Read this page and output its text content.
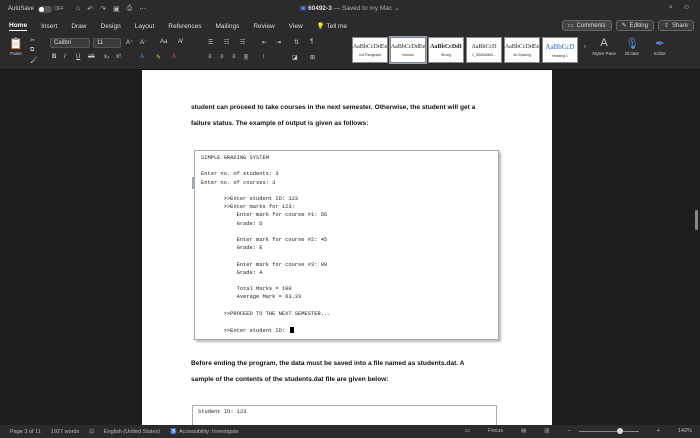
AutoSave	OFF ⌂ ↶ ↷ ▣ ⎙ ⋯	▣ 60492-3 — Saved to my Mac ⌄	⌕ ☺
Home Insert Draw Design Layout References Mailings Review View 💡 Tell me	▭ Comments	✎ Editing	⇪ Share
📋
Paste
✂
⧉
🖌
Calibri	11	A⁺ A⁻ Aa A̸
B I U ab x₂ x²	A ✎ A
☰ ☷ ☵	⇤ ⇥ ⇅ ¶
≡ ≡ ≡ ≡ ↕	◪ ⊞
AaBbCcDdEe
List Paragraph
AaBbCcDdEe
Normal
AaBbCcDdI
Strong
AaBbCcD
1_SIMMA560...
AaBbCcDdEe
No Spacing
AaBbCcD
Heading 1
› A
Styles Pane
🎙
Dictate
✒
Editor
student can proceed to take courses in the next semester. Otherwise, the student will get a
failure status. The example of output is given as follows:
SIMPLE GRADING SYSTEM
Enter no. of students: 3
Enter no. of courses: 3
>>Enter student ID: 123
>>Enter marks for 123:
Enter mark for course #1: 56
Grade: D
Enter mark for course #2: 45
Grade: E
Enter mark for course #3: 89
Grade: A
Total Marks = 190
Average Mark = 63.33
>>PROCEED TO THE NEXT SEMESTER...
>>Enter student ID:
Before ending the program, the data must be saved into a file named as students.dat. A
sample of the contents of the students.dat file are given below:
Student ID: 123
Page 3 of 11 1927 words ⊡ English (United States) ♿ Accessibility: Investigate	▭	Focus	▤	▥	−	+	142%
